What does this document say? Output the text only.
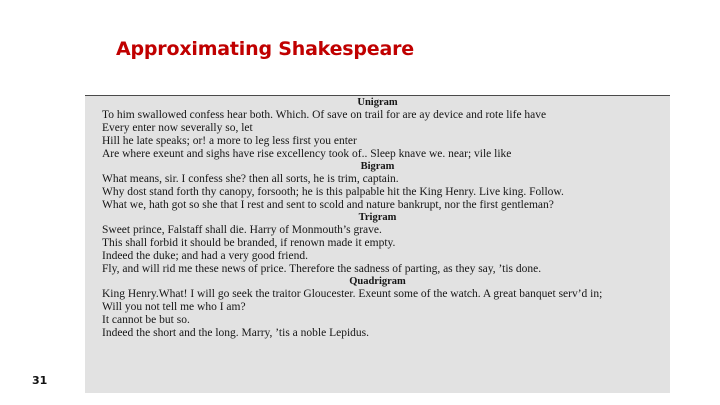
Approximating Shakespeare
Unigram
To him swallowed confess hear both. Which. Of save on trail for are ay device and rote life have
Every enter now severally so, let
Hill he late speaks; or! a more to leg less first you enter
Are where exeunt and sighs have rise excellency took of.. Sleep knave we. near; vile like
Bigram
What means, sir. I confess she? then all sorts, he is trim, captain.
Why dost stand forth thy canopy, forsooth; he is this palpable hit the King Henry. Live king. Follow.
What we, hath got so she that I rest and sent to scold and nature bankrupt, nor the first gentleman?
Trigram
Sweet prince, Falstaff shall die. Harry of Monmouth’s grave.
This shall forbid it should be branded, if renown made it empty.
Indeed the duke; and had a very good friend.
Fly, and will rid me these news of price. Therefore the sadness of parting, as they say, ’tis done.
Quadrigram
King Henry.What! I will go seek the traitor Gloucester. Exeunt some of the watch. A great banquet serv’d in;
Will you not tell me who I am?
It cannot be but so.
Indeed the short and the long. Marry, ’tis a noble Lepidus.
31
